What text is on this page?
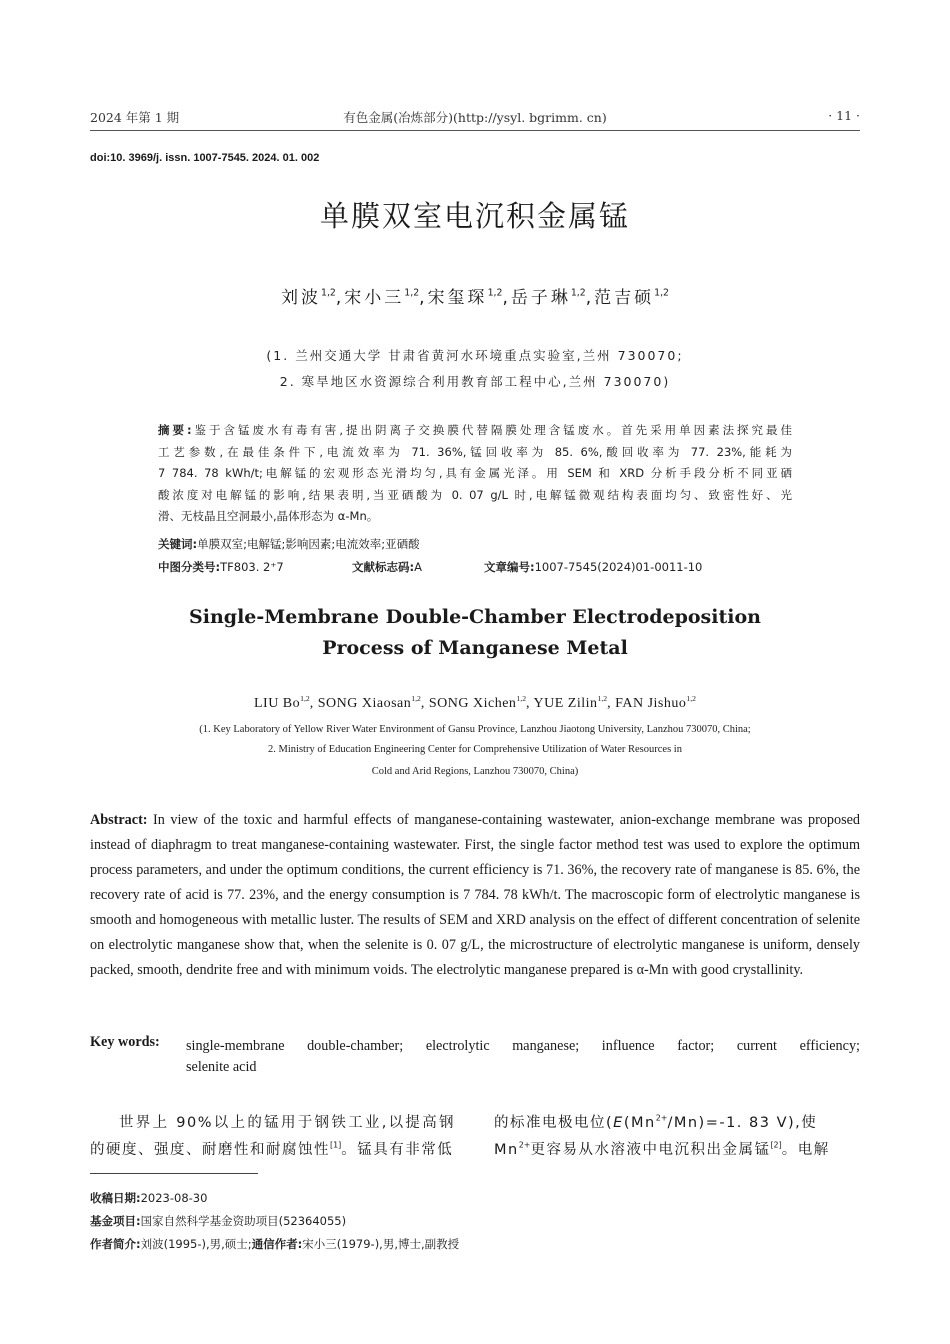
2024 年第 1 期	有色金属(冶炼部分)(http://ysyl. bgrimm. cn)	· 11 ·
doi:10. 3969/j. issn. 1007-7545. 2024. 01. 002
单膜双室电沉积金属锰
刘波$^{1,2}$,宋小三$^{1,2}$,宋玺琛$^{1,2}$,岳子琳$^{1,2}$,范吉硕$^{1,2}$
(1. 兰州交通大学 甘肃省黄河水环境重点实验室,兰州 730070;
2. 寒旱地区水资源综合利用教育部工程中心,兰州 730070)
摘要:鉴于含锰废水有毒有害,提出阴离子交换膜代替隔膜处理含锰废水。首先采用单因素法探究最佳
工艺参数,在最佳条件下,电流效率为 71. 36%,锰回收率为 85. 6%,酸回收率为 77. 23%,能耗为
7 784. 78 kWh/t;电解锰的宏观形态光滑均匀,具有金属光泽。用 SEM 和 XRD 分析手段分析不同亚硒
酸浓度对电解锰的影响,结果表明,当亚硒酸为 0. 07 g/L 时,电解锰微观结构表面均匀、致密性好、光
滑、无枝晶且空洞最小,晶体形态为 α-Mn。
关键词:单膜双室;电解锰;影响因素;电流效率;亚硒酸
中图分类号:TF803. 2⁺7	文献标志码:A	文章编号:1007-7545(2024)01-0011-10
Single-Membrane Double-Chamber Electrodeposition
Process of Manganese Metal
LIU Bo$^{1,2}$, SONG Xiaosan$^{1,2}$, SONG Xichen$^{1,2}$, YUE Zilin$^{1,2}$, FAN Jishuo$^{1,2}$
(1. Key Laboratory of Yellow River Water Environment of Gansu Province, Lanzhou Jiaotong University, Lanzhou 730070, China;
2. Ministry of Education Engineering Center for Comprehensive Utilization of Water Resources in
Cold and Arid Regions, Lanzhou 730070, China)
Abstract: In view of the toxic and harmful effects of manganese-containing wastewater, anion-exchange membrane was proposed instead of diaphragm to treat manganese-containing wastewater. First, the single factor method test was used to explore the optimum process parameters, and under the optimum conditions, the current efficiency is 71. 36%, the recovery rate of manganese is 85. 6%, the recovery rate of acid is 77. 23%, and the energy consumption is 7 784. 78 kWh/t. The macroscopic form of electrolytic manganese is smooth and homogeneous with metallic luster. The results of SEM and XRD analysis on the effect of different concentration of selenite on electrolytic manganese show that, when the selenite is 0. 07 g/L, the microstructure of electrolytic manganese is uniform, densely packed, smooth, dendrite free and with minimum voids. The electrolytic manganese prepared is α-Mn with good crystallinity.
Key words: single-membrane double-chamber; electrolytic manganese; influence factor; current efficiency;
selenite acid
世界上 90%以上的锰用于钢铁工业,以提高钢的硬度、强度、耐磨性和耐腐蚀性[1]。锰具有非常低
的标准电极电位($E(Mn^{2+}/Mn)=-1$. 83 V),使
$Mn^{2+}$更容易从水溶液中电沉积出金属锰[2]。电解
收稿日期:2023-08-30
基金项目:国家自然科学基金资助项目(52364055)
作者简介:刘波(1995-),男,硕士;通信作者:宋小三(1979-),男,博士,副教授
